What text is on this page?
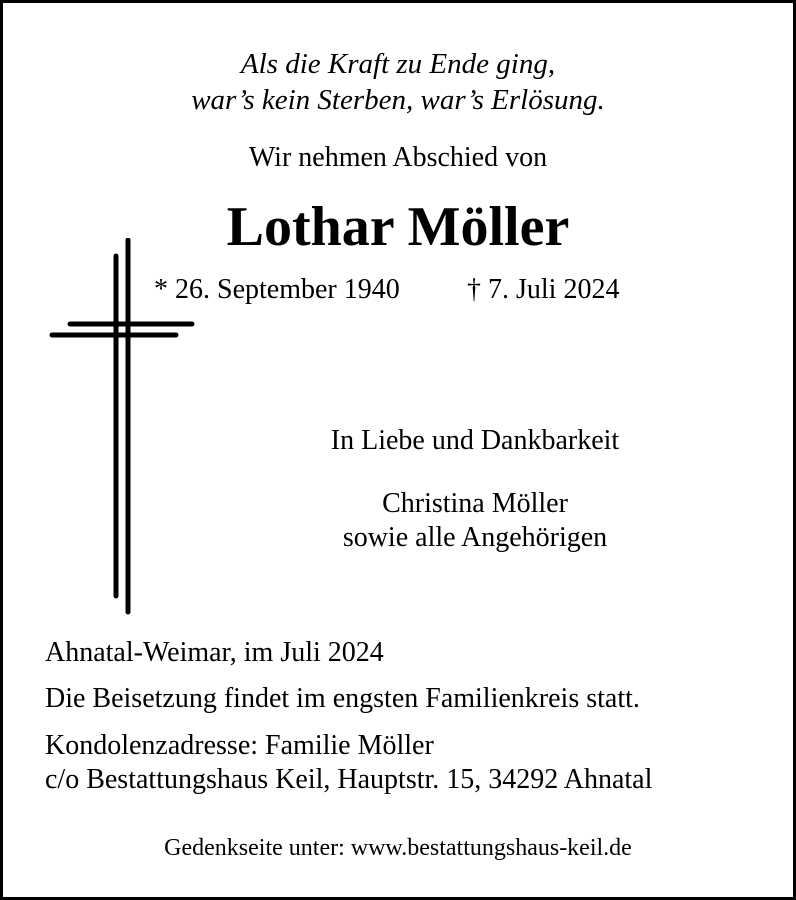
Als die Kraft zu Ende ging,
war’s kein Sterben, war’s Erlösung.
Wir nehmen Abschied von
Lothar Möller
* 26. September 1940 † 7. Juli 2024
In Liebe und Dankbarkeit
Christina Möller
sowie alle Angehörigen
Ahnatal-Weimar, im Juli 2024
Die Beisetzung findet im engsten Familienkreis statt.
Kondolenzadresse: Familie Möller
c/o Bestattungshaus Keil, Hauptstr. 15, 34292 Ahnatal
Gedenkseite unter: www.bestattungshaus-keil.de
